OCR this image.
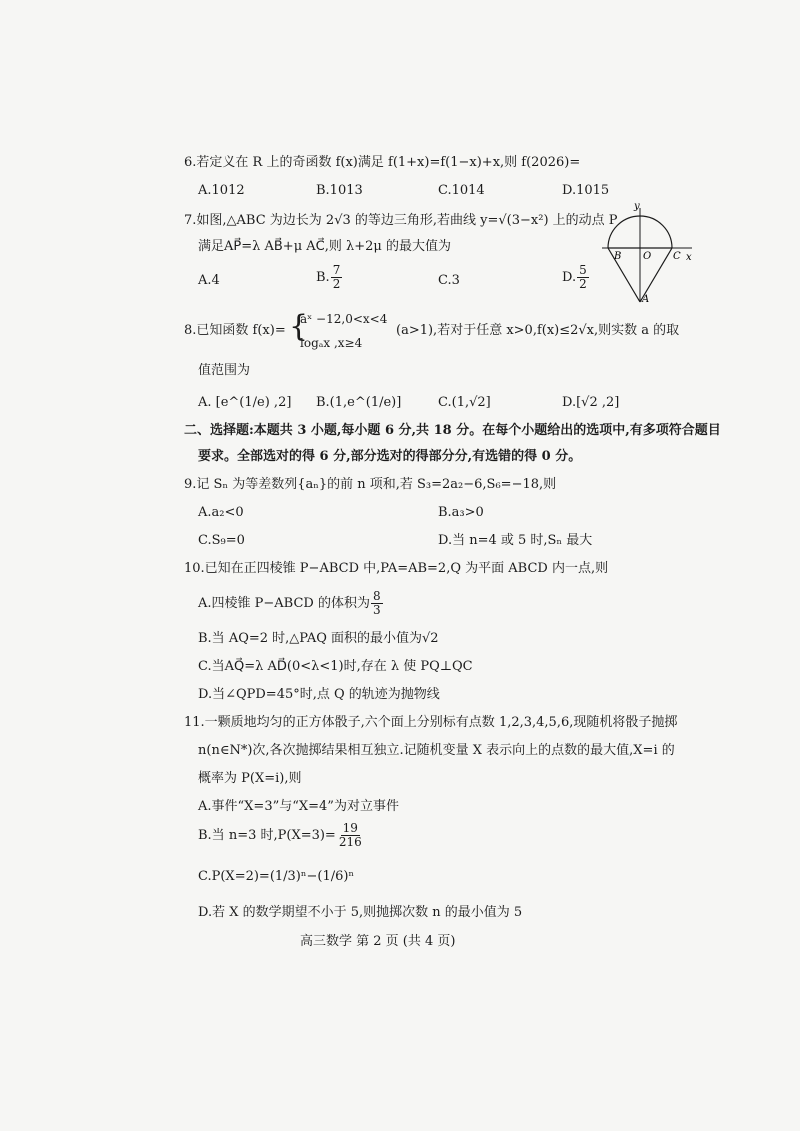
6.若定义在 R 上的奇函数 f(x)满足 f(1+x)=f(1−x)+x,则 f(2026)=
A.1012	B.1013	C.1014	D.1015
7.如图,△ABC 为边长为 2√3 的等边三角形,若曲线 y=√(3−x²) 上的动点 P
满足AP⃗=λ AB⃗+μ AC⃗,则 λ+2μ 的最大值为
A.4	B. $\frac{7}{2}$	C.3	D. $\frac{5}{2}$
y
x
B O C
A
8.已知函数 f(x)= {
aˣ −12,0<x<4
logₐx ,x≥4
(a>1),若对于任意 x>0,f(x)≤2√x,则实数 a 的取
值范围为
A. [e^(1/e) ,2] B.(1,e^(1/e)]	C.(1,√2]	D.[√2 ,2]
二、选择题:本题共 3 小题,每小题 6 分,共 18 分。在每个小题给出的选项中,有多项符合题目
要求。全部选对的得 6 分,部分选对的得部分分,有选错的得 0 分。
9.记 Sₙ 为等差数列{aₙ}的前 n 项和,若 S₃=2a₂−6,S₆=−18,则
A.a₂<0	B.a₃>0
C.S₉=0	D.当 n=4 或 5 时,Sₙ 最大
10.已知在正四棱锥 P−ABCD 中,PA=AB=2,Q 为平面 ABCD 内一点,则
A.四棱锥 P−ABCD 的体积为 $\frac{8}{3}$
B.当 AQ=2 时,△PAQ 面积的最小值为√2
C.当AQ⃗=λ AD⃗(0<λ<1)时,存在 λ 使 PQ⊥QC
D.当∠QPD=45°时,点 Q 的轨迹为抛物线
11.一颗质地均匀的正方体骰子,六个面上分别标有点数 1,2,3,4,5,6,现随机将骰子抛掷
n(n∈N*)次,各次抛掷结果相互独立.记随机变量 X 表示向上的点数的最大值,X=i 的
概率为 P(X=i),则
A.事件“X=3”与“X=4”为对立事件
B.当 n=3 时$,P(X=3)= \frac{19}{216}$
C.P(X=2)=(1/3)ⁿ−(1/6)ⁿ
D.若 X 的数学期望不小于 5,则抛掷次数 n 的最小值为 5
高三数学 第 2 页 (共 4 页)
